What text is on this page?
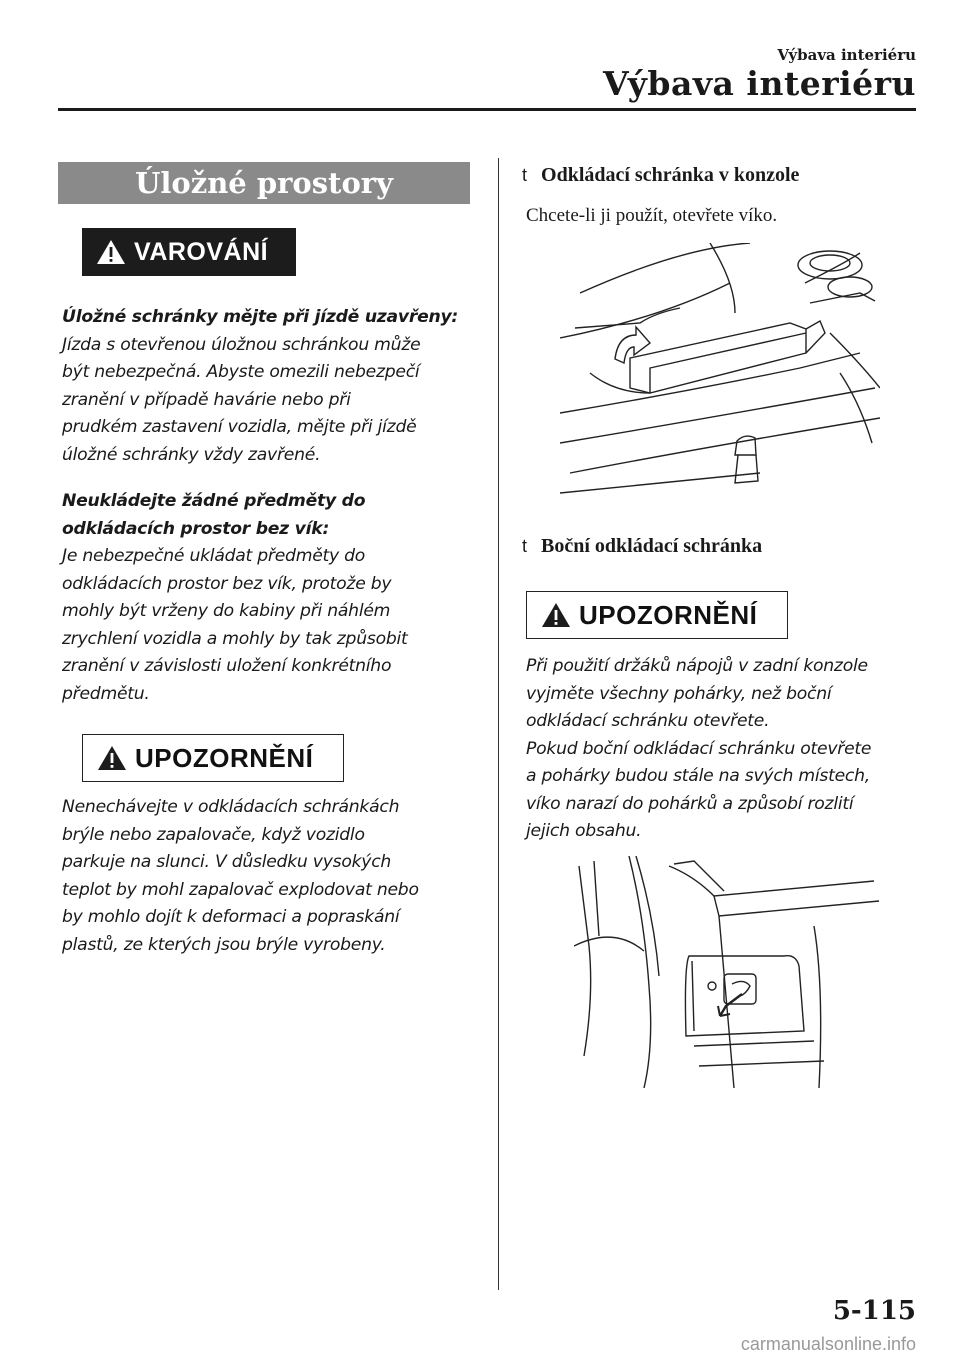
Výbava interiéru
Výbava interiéru
Úložné prostory
VAROVÁNÍ
Úložné schránky mějte při jízdě uzavřeny:
Jízda s otevřenou úložnou schránkou může
být nebezpečná. Abyste omezili nebezpečí
zranění v případě havárie nebo při
prudkém zastavení vozidla, mějte při jízdě
úložné schránky vždy zavřené.
Neukládejte žádné předměty do
odkládacích prostor bez vík:
Je nebezpečné ukládat předměty do
odkládacích prostor bez vík, protože by
mohly být vrženy do kabiny při náhlém
zrychlení vozidla a mohly by tak způsobit
zranění v závislosti uložení konkrétního
předmětu.
UPOZORNĚNÍ
Nenechávejte v odkládacích schránkách
brýle nebo zapalovače, když vozidlo
parkuje na slunci. V důsledku vysokých
teplot by mohl zapalovač explodovat nebo
by mohlo dojít k deformaci a popraskání
plastů, ze kterých jsou brýle vyrobeny.
t Odkládací schránka v konzole
Chcete-li ji použít, otevřete víko.
t Boční odkládací schránka
UPOZORNĚNÍ
Při použití držáků nápojů v zadní konzole
vyjměte všechny pohárky, než boční
odkládací schránku otevřete.
Pokud boční odkládací schránku otevřete
a pohárky budou stále na svých místech,
víko narazí do pohárků a způsobí rozlití
jejich obsahu.
5-115
carmanualsonline.info
